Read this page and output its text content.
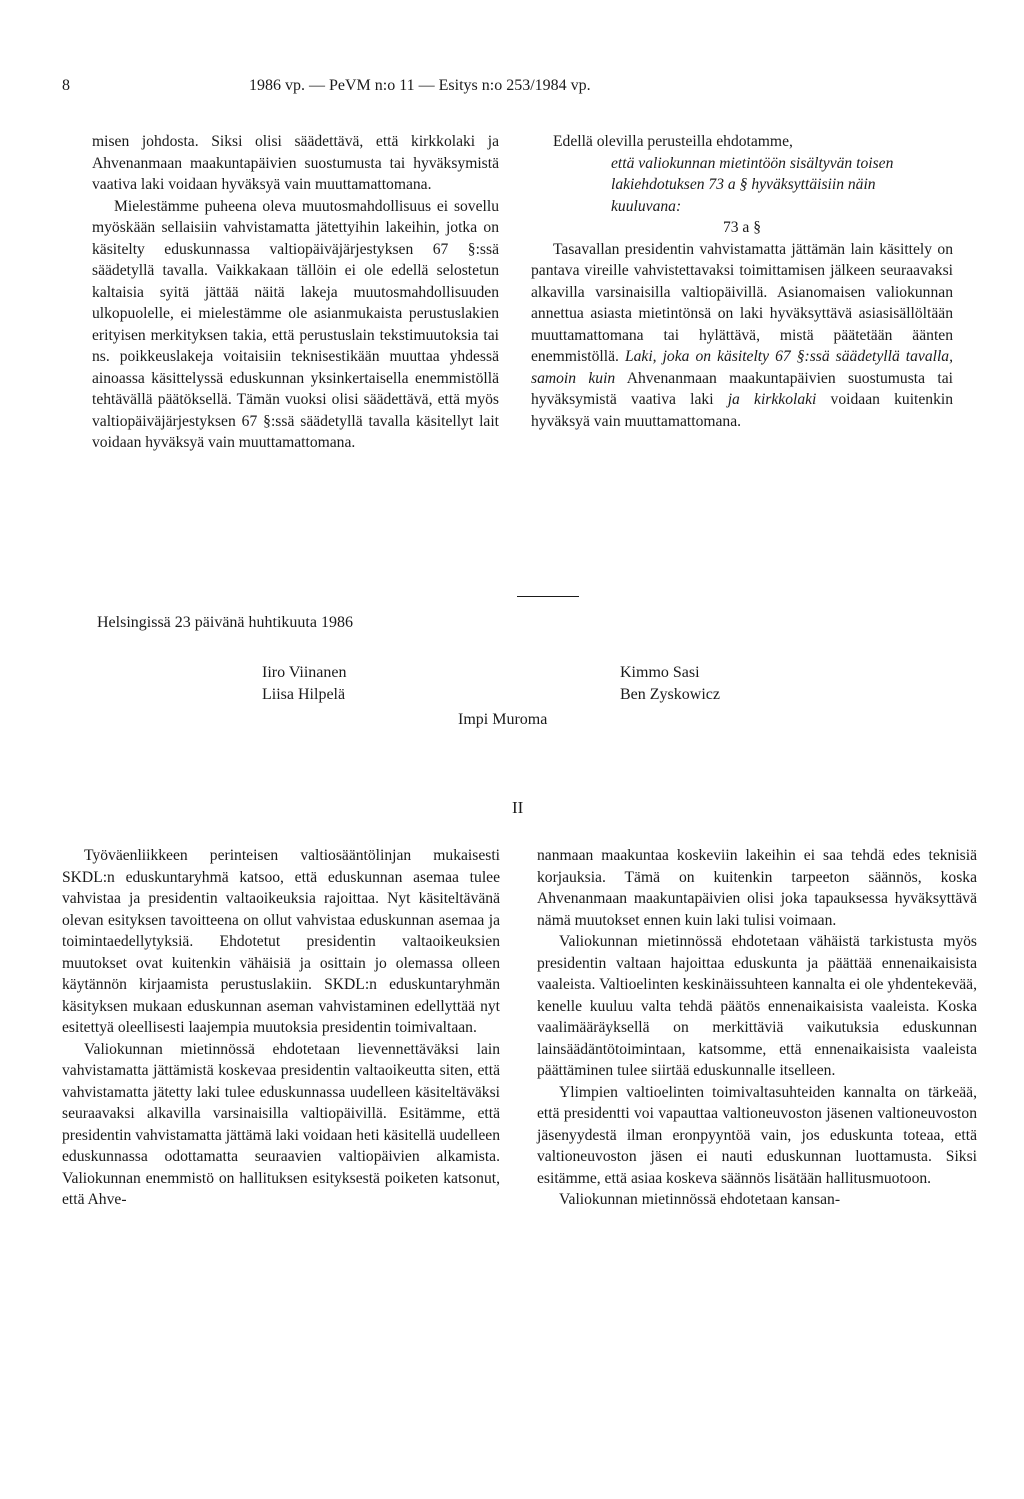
8	1986 vp. — PeVM n:o 11 — Esitys n:o 253/1984 vp.

misen johdosta. Siksi olisi säädettävä, että kirkkolaki ja Ahvenanmaan maakuntapäivien suostumusta tai hyväksymistä vaativa laki voidaan hyväksyä vain muuttamattomana.

Mielestämme puheena oleva muutosmahdollisuus ei sovellu myöskään sellaisiin vahvistamatta jätettyihin lakeihin, jotka on käsitelty eduskunnassa valtiopäiväjärjestyksen 67 §:ssä säädetyllä tavalla. Vaikkakaan tällöin ei ole edellä selostetun kaltaisia syitä jättää näitä lakeja muutosmahdollisuuden ulkopuolelle, ei mielestämme ole asianmukaista perustuslakien erityisen merkityksen takia, että perustuslain tekstimuutoksia tai ns. poikkeuslakeja voitaisiin teknisestikään muuttaa yhdessä ainoassa käsittelyssä eduskunnan yksinkertaisella enemmistöllä tehtävällä päätöksellä. Tämän vuoksi olisi säädettävä, että myös valtiopäiväjärjestyksen 67 §:ssä säädetyllä tavalla käsitellyt lait voidaan hyväksyä vain muuttamattomana.

Edellä olevilla perusteilla ehdotamme,

että valiokunnan mietintöön sisältyvän toisen lakiehdotuksen 73 a § hyväksyttäisiin näin kuuluvana:

73 a §

Tasavallan presidentin vahvistamatta jättämän lain käsittely on pantava vireille vahvistettavaksi toimittamisen jälkeen seuraavaksi alkavilla varsinaisilla valtiopäivillä. Asianomaisen valiokunnan annettua asiasta mietintönsä on laki hyväksyttävä asiasisällöltään muuttamattomana tai hylättävä, mistä päätetään äänten enemmistöllä. Laki, joka on käsitelty 67 §:ssä säädetyllä tavalla, samoin kuin Ahvenanmaan maakuntapäivien suostumusta tai hyväksymistä vaativa laki ja kirkkolaki voidaan kuitenkin hyväksyä vain muuttamattomana.

Helsingissä 23 päivänä huhtikuuta 1986
Iiro Viinanen
Liisa Hilpelä
Impi Muroma
Kimmo Sasi
Ben Zyskowicz
II

Työväenliikkeen perinteisen valtiosääntölinjan mukaisesti SKDL:n eduskuntaryhmä katsoo, että eduskunnan asemaa tulee vahvistaa ja presidentin valtaoikeuksia rajoittaa. Nyt käsiteltävänä olevan esityksen tavoitteena on ollut vahvistaa eduskunnan asemaa ja toimintaedellytyksiä. Ehdotetut presidentin valtaoikeuksien muutokset ovat kuitenkin vähäisiä ja osittain jo olemassa olleen käytännön kirjaamista perustuslakiin. SKDL:n eduskuntaryhmän käsityksen mukaan eduskunnan aseman vahvistaminen edellyttää nyt esitettyä oleellisesti laajempia muutoksia presidentin toimivaltaan.

Valiokunnan mietinnössä ehdotetaan lievennettäväksi lain vahvistamatta jättämistä koskevaa presidentin valtaoikeutta siten, että vahvistamatta jätetty laki tulee eduskunnassa uudelleen käsiteltäväksi seuraavaksi alkavilla varsinaisilla valtiopäivillä. Esitämme, että presidentin vahvistamatta jättämä laki voidaan heti käsitellä uudelleen eduskunnassa odottamatta seuraavien valtiopäivien alkamista. Valiokunnan enemmistö on hallituksen esityksestä poiketen katsonut, että Ahve-

nanmaan maakuntaa koskeviin lakeihin ei saa tehdä edes teknisiä korjauksia. Tämä on kuitenkin tarpeeton säännös, koska Ahvenanmaan maakuntapäivien olisi joka tapauksessa hyväksyttävä nämä muutokset ennen kuin laki tulisi voimaan.

Valiokunnan mietinnössä ehdotetaan vähäistä tarkistusta myös presidentin valtaan hajoittaa eduskunta ja päättää ennenaikaisista vaaleista. Valtioelinten keskinäissuhteen kannalta ei ole yhdentekevää, kenelle kuuluu valta tehdä päätös ennenaikaisista vaaleista. Koska vaalimääräyksellä on merkittäviä vaikutuksia eduskunnan lainsäädäntötoimintaan, katsomme, että ennenaikaisista vaaleista päättäminen tulee siirtää eduskunnalle itselleen.

Ylimpien valtioelinten toimivaltasuhteiden kannalta on tärkeää, että presidentti voi vapauttaa valtioneuvoston jäsenen valtioneuvoston jäsenyydestä ilman eronpyyntöä vain, jos eduskunta toteaa, että valtioneuvoston jäsen ei nauti eduskunnan luottamusta. Siksi esitämme, että asiaa koskeva säännös lisätään hallitusmuotoon.

Valiokunnan mietinnössä ehdotetaan kansan-
